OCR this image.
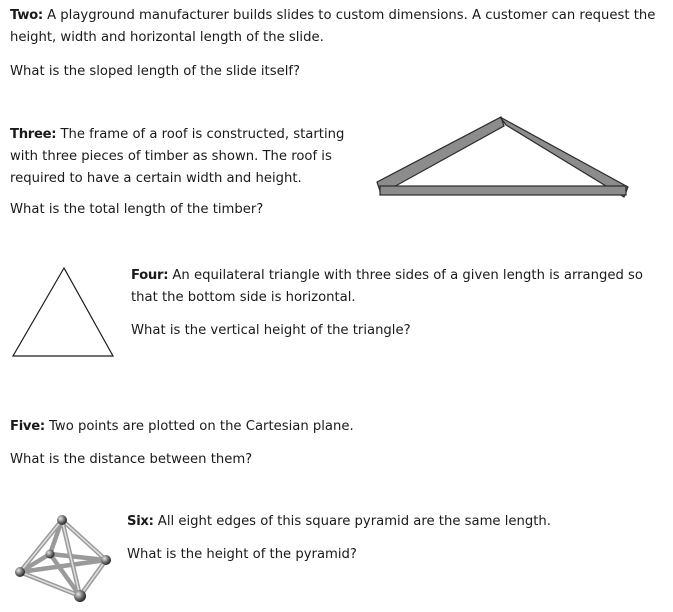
Two: A playground manufacturer builds slides to custom dimensions. A customer can request the height, width and horizontal length of the slide.

What is the sloped length of the slide itself?

Three: The frame of a roof is constructed, starting with three pieces of timber as shown. The roof is required to have a certain width and height.

What is the total length of the timber?

Four: An equilateral triangle with three sides of a given length is arranged so that the bottom side is horizontal.

What is the vertical height of the triangle?

Five: Two points are plotted on the Cartesian plane.

What is the distance between them?

Six: All eight edges of this square pyramid are the same length.

What is the height of the pyramid?
